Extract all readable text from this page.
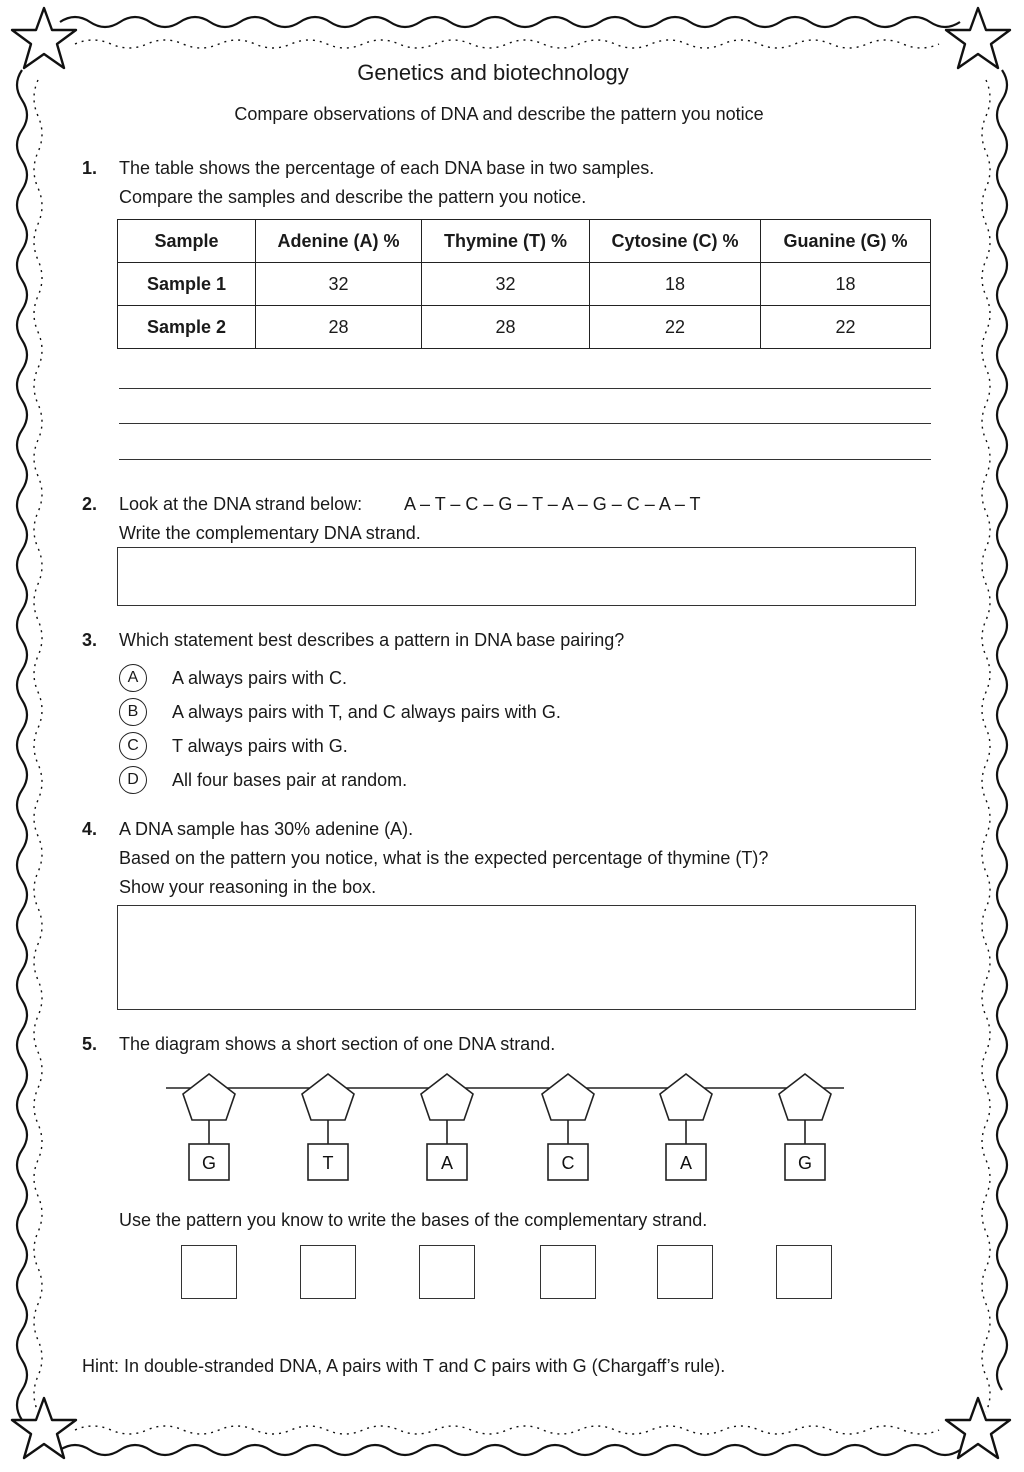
Genetics and biotechnology
Compare observations of DNA and describe the pattern you notice
1. The table shows the percentage of each DNA base in two samples.
Compare the samples and describe the pattern you notice.
Sample	Adenine (A) %	Thymine (T) %	Cytosine (C) %	Guanine (G) %
Sample 1	32	32	18	18
Sample 2	28	28	22	22
2. Look at the DNA strand below: A – T – C – G – T – A – G – C – A – T
Write the complementary DNA strand.
3. Which statement best describes a pattern in DNA base pairing?
A	A always pairs with C.
B	A always pairs with T, and C always pairs with G.
C	T always pairs with G.
D	All four bases pair at random.
4. A DNA sample has 30% adenine (A).
Based on the pattern you notice, what is the expected percentage of thymine (T)?
Show your reasoning in the box.
5. The diagram shows a short section of one DNA strand.
G	T	A	C	A	G
Use the pattern you know to write the bases of the complementary strand.
Hint: In double-stranded DNA, A pairs with T and C pairs with G (Chargaff’s rule).
